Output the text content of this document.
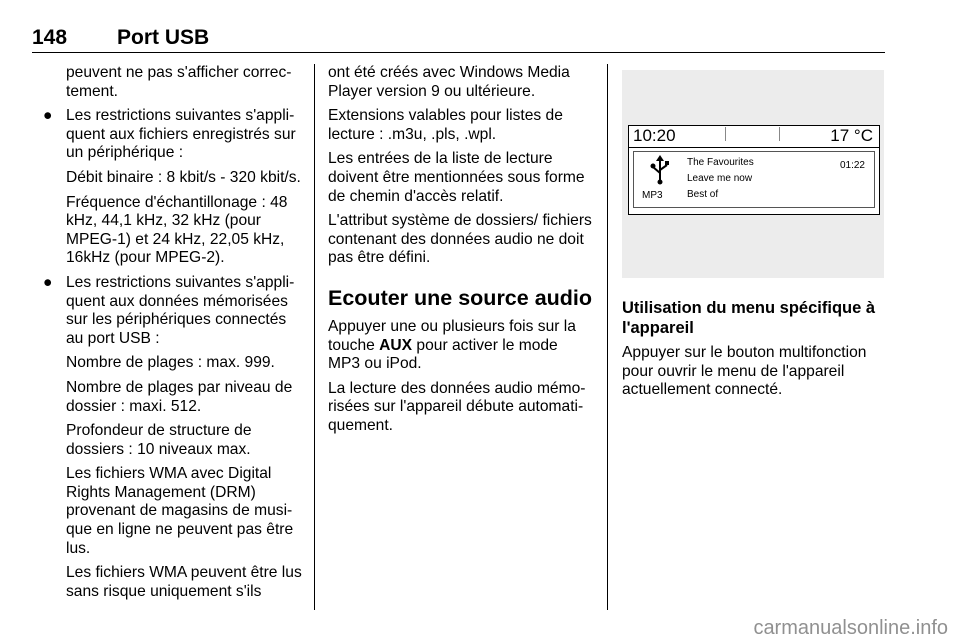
148 Port USB

peuvent ne pas s'afficher correctement.

● Les restrictions suivantes s'appliquent aux fichiers enregistrés sur un périphérique :

Débit binaire : 8 kbit/s - 320 kbit/s.

Fréquence d'échantillonage : 48 kHz, 44,1 kHz, 32 kHz (pour MPEG-1) et 24 kHz, 22,05 kHz, 16kHz (pour MPEG-2).

● Les restrictions suivantes s'appliquent aux données mémorisées sur les périphériques connectés au port USB :

Nombre de plages : max. 999.

Nombre de plages par niveau de dossier : maxi. 512.

Profondeur de structure de dossiers : 10 niveaux max.

Les fichiers WMA avec Digital Rights Management (DRM) provenant de magasins de musique en ligne ne peuvent pas être lus.

Les fichiers WMA peuvent être lus sans risque uniquement s'ils

ont été créés avec Windows Media Player version 9 ou ultérieure.

Extensions valables pour listes de lecture : .m3u, .pls, .wpl.

Les entrées de la liste de lecture doivent être mentionnées sous forme de chemin d'accès relatif.

L'attribut système de dossiers/ fichiers contenant des données audio ne doit pas être défini.

Ecouter une source audio

Appuyer une ou plusieurs fois sur la touche AUX pour activer le mode MP3 ou iPod.

La lecture des données audio mémorisées sur l'appareil débute automatiquement.

10:20	17 °C
MP3
The Favourites
Leave me now
Best of
01:22
Utilisation du menu spécifique à l'appareil

Appuyer sur le bouton multifonction pour ouvrir le menu de l'appareil actuellement connecté.

carmanualsonline.info
